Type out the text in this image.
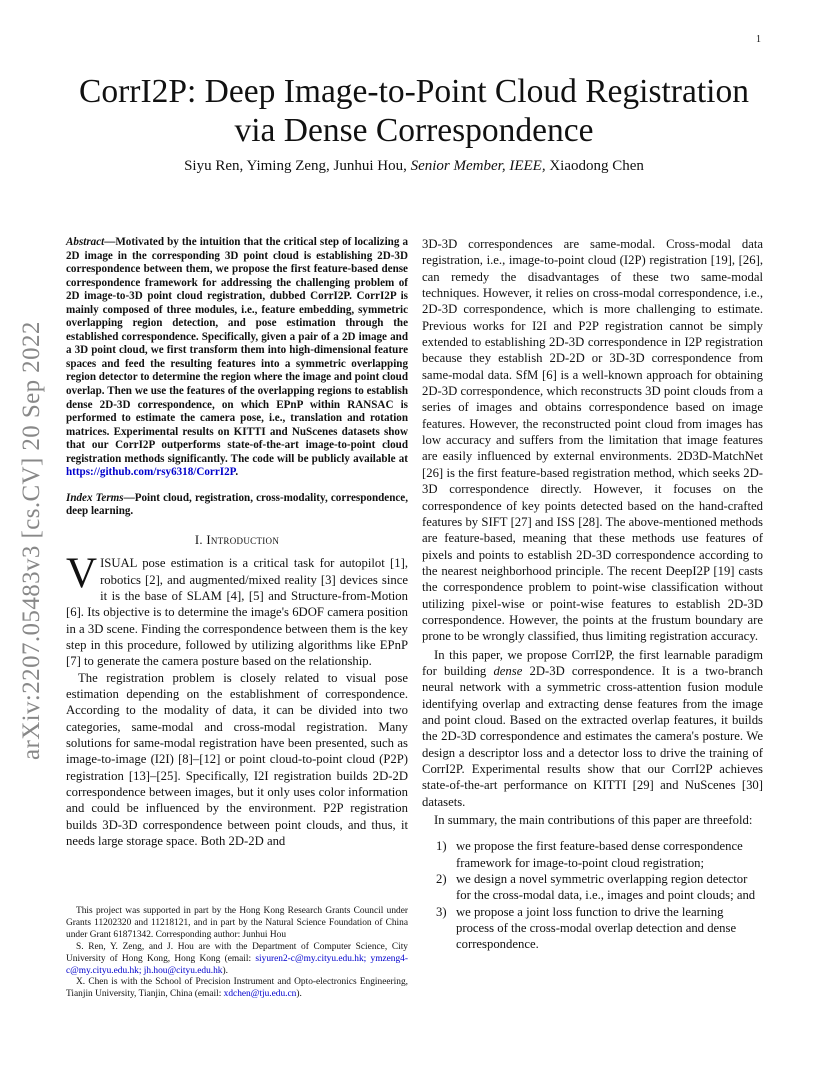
1
arXiv:2207.05483v3 [cs.CV] 20 Sep 2022
CorrI2P: Deep Image-to-Point Cloud Registration
via Dense Correspondence
Siyu Ren, Yiming Zeng, Junhui Hou, Senior Member, IEEE, Xiaodong Chen

Abstract—Motivated by the intuition that the critical step of localizing a 2D image in the corresponding 3D point cloud is establishing 2D-3D correspondence between them, we propose the first feature-based dense correspondence framework for addressing the challenging problem of 2D image-to-3D point cloud registration, dubbed CorrI2P. CorrI2P is mainly composed of three modules, i.e., feature embedding, symmetric overlapping region detection, and pose estimation through the established correspondence. Specifically, given a pair of a 2D image and a 3D point cloud, we first transform them into high-dimensional feature spaces and feed the resulting features into a symmetric overlapping region detector to determine the region where the image and point cloud overlap. Then we use the features of the overlapping regions to establish dense 2D-3D correspondence, on which EPnP within RANSAC is performed to estimate the camera pose, i.e., translation and rotation matrices. Experimental results on KITTI and NuScenes datasets show that our CorrI2P outperforms state-of-the-art image-to-point cloud registration methods significantly. The code will be publicly available at https://github.com/rsy6318/CorrI2P.

Index Terms—Point cloud, registration, cross-modality, correspondence, deep learning.

I. Introduction

VISUAL pose estimation is a critical task for autopilot [1], robotics [2], and augmented/mixed reality [3] devices since it is the base of SLAM [4], [5] and Structure-from-Motion [6]. Its objective is to determine the image's 6DOF camera position in a 3D scene. Finding the correspondence between them is the key step in this procedure, followed by utilizing algorithms like EPnP [7] to generate the camera posture based on the relationship.

The registration problem is closely related to visual pose estimation depending on the establishment of correspondence. According to the modality of data, it can be divided into two categories, same-modal and cross-modal registration. Many solutions for same-modal registration have been presented, such as image-to-image (I2I) [8]–[12] or point cloud-to-point cloud (P2P) registration [13]–[25]. Specifically, I2I registration builds 2D-2D correspondence between images, but it only uses color information and could be influenced by the environment. P2P registration builds 3D-3D correspondence between point clouds, and thus, it needs large storage space. Both 2D-2D and

This project was supported in part by the Hong Kong Research Grants Council under Grants 11202320 and 11218121, and in part by the Natural Science Foundation of China under Grant 61871342. Corresponding author: Junhui Hou

S. Ren, Y. Zeng, and J. Hou are with the Department of Computer Science, City University of Hong Kong, Hong Kong (email: siyuren2-c@my.cityu.edu.hk; ymzeng4-c@my.cityu.edu.hk; jh.hou@cityu.edu.hk).

X. Chen is with the School of Precision Instrument and Opto-electronics Engineering, Tianjin University, Tianjin, China (email: xdchen@tju.edu.cn).

3D-3D correspondences are same-modal. Cross-modal data registration, i.e., image-to-point cloud (I2P) registration [19], [26], can remedy the disadvantages of these two same-modal techniques. However, it relies on cross-modal correspondence, i.e., 2D-3D correspondence, which is more challenging to estimate. Previous works for I2I and P2P registration cannot be simply extended to establishing 2D-3D correspondence in I2P registration because they establish 2D-2D or 3D-3D correspondence from same-modal data. SfM [6] is a well-known approach for obtaining 2D-3D correspondence, which reconstructs 3D point clouds from a series of images and obtains correspondence based on image features. However, the reconstructed point cloud from images has low accuracy and suffers from the limitation that image features are easily influenced by external environments. 2D3D-MatchNet [26] is the first feature-based registration method, which seeks 2D-3D correspondence directly. However, it focuses on the correspondence of key points detected based on the hand-crafted features by SIFT [27] and ISS [28]. The above-mentioned methods are feature-based, meaning that these methods use features of pixels and points to establish 2D-3D correspondence according to the nearest neighborhood principle. The recent DeepI2P [19] casts the correspondence problem to point-wise classification without utilizing pixel-wise or point-wise features to establish 2D-3D correspondence. However, the points at the frustum boundary are prone to be wrongly classified, thus limiting registration accuracy.

In this paper, we propose CorrI2P, the first learnable paradigm for building dense 2D-3D correspondence. It is a two-branch neural network with a symmetric cross-attention fusion module identifying overlap and extracting dense features from the image and point cloud. Based on the extracted overlap features, it builds the 2D-3D correspondence and estimates the camera's posture. We design a descriptor loss and a detector loss to drive the training of CorrI2P. Experimental results show that our CorrI2P achieves state-of-the-art performance on KITTI [29] and NuScenes [30] datasets.

In summary, the main contributions of this paper are threefold:

1) we propose the first feature-based dense correspondence framework for image-to-point cloud registration;
2) we design a novel symmetric overlapping region detector for the cross-modal data, i.e., images and point clouds; and
3) we propose a joint loss function to drive the learning process of the cross-modal overlap detection and dense correspondence.
